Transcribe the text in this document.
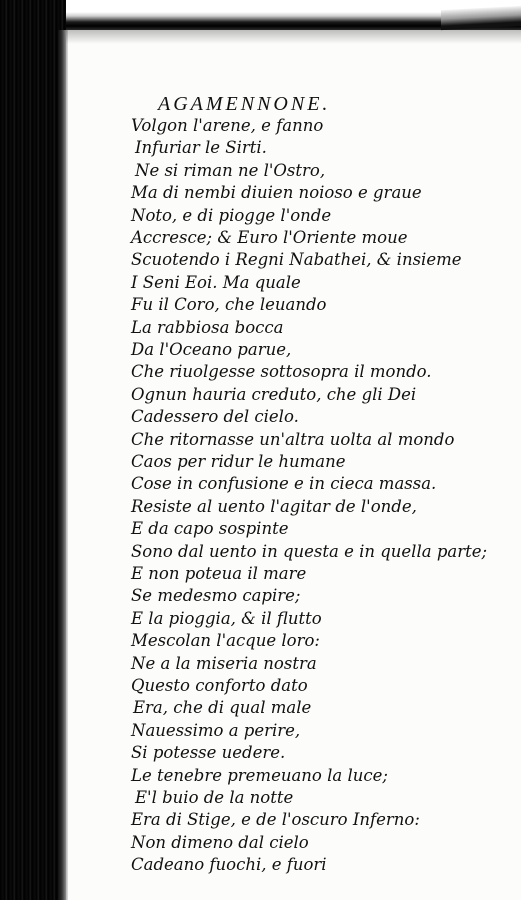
AGAMENNONE.
Volgon l'arene, e fanno
Infuriar le Sirti.
Ne si riman ne l'Ostro,
Ma di nembi diuien noioso e graue
Noto, e di piogge l'onde
Accresce; & Euro l'Oriente moue
Scuotendo i Regni Nabathei, & insieme
I Seni Eoi. Ma quale
Fu il Coro, che leuando
La rabbiosa bocca
Da l'Oceano parue,
Che riuolgesse sottosopra il mondo.
Ognun hauria creduto, che gli Dei
Cadessero del cielo.
Che ritornasse un'altra uolta al mondo
Caos per ridur le humane
Cose in confusione e in cieca massa.
Resiste al uento l'agitar de l'onde,
E da capo sospinte
Sono dal uento in questa e in quella parte;
E non poteua il mare
Se medesmo capire;
E la pioggia, & il flutto
Mescolan l'acque loro:
Ne a la miseria nostra
Questo conforto dato
Era, che di qual male
Nauessimo a perire,
Si potesse uedere.
Le tenebre premeuano la luce;
E'l buio de la notte
Era di Stige, e de l'oscuro Inferno:
Non dimeno dal cielo
Cadeano fuochi, e fuori
